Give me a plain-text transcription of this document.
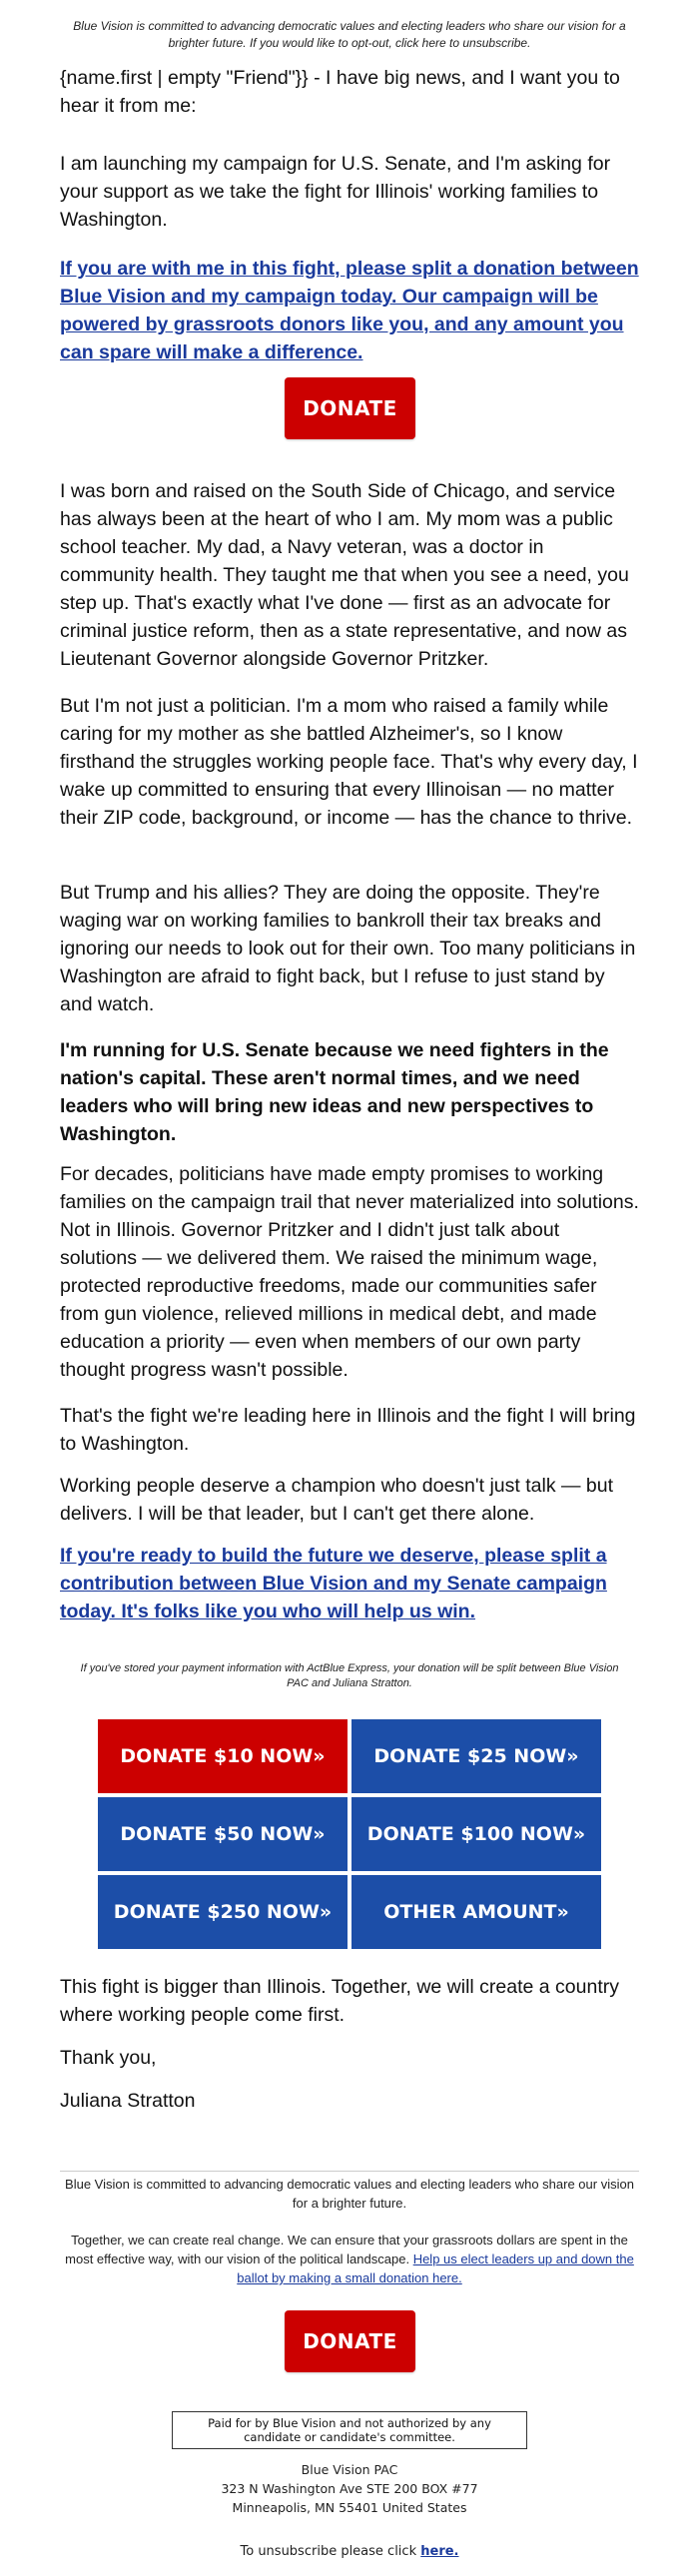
Blue Vision is committed to advancing democratic values and electing leaders who share our vision for a brighter future. If you would like to opt-out, click here to unsubscribe.

{name.first | empty "Friend"}} - I have big news, and I want you to hear it from me:

I am launching my campaign for U.S. Senate, and I'm asking for your support as we take the fight for Illinois' working families to Washington.

If you are with me in this fight, please split a donation between Blue Vision and my campaign today. Our campaign will be powered by grassroots donors like you, and any amount you can spare will make a difference.

DONATE

I was born and raised on the South Side of Chicago, and service has always been at the heart of who I am. My mom was a public school teacher. My dad, a Navy veteran, was a doctor in community health. They taught me that when you see a need, you step up. That's exactly what I've done — first as an advocate for criminal justice reform, then as a state representative, and now as Lieutenant Governor alongside Governor Pritzker.

But I'm not just a politician. I'm a mom who raised a family while caring for my mother as she battled Alzheimer's, so I know firsthand the struggles working people face. That's why every day, I wake up committed to ensuring that every Illinoisan — no matter their ZIP code, background, or income — has the chance to thrive.

But Trump and his allies? They are doing the opposite. They're waging war on working families to bankroll their tax breaks and ignoring our needs to look out for their own. Too many politicians in Washington are afraid to fight back, but I refuse to just stand by and watch.

I'm running for U.S. Senate because we need fighters in the nation's capital. These aren't normal times, and we need leaders who will bring new ideas and new perspectives to Washington.

For decades, politicians have made empty promises to working families on the campaign trail that never materialized into solutions. Not in Illinois. Governor Pritzker and I didn't just talk about solutions — we delivered them. We raised the minimum wage, protected reproductive freedoms, made our communities safer from gun violence, relieved millions in medical debt, and made education a priority — even when members of our own party thought progress wasn't possible.

That's the fight we're leading here in Illinois and the fight I will bring to Washington.

Working people deserve a champion who doesn't just talk — but delivers. I will be that leader, but I can't get there alone.

If you're ready to build the future we deserve, please split a contribution between Blue Vision and my Senate campaign today. It's folks like you who will help us win.

If you've stored your payment information with ActBlue Express, your donation will be split between Blue Vision PAC and Juliana Stratton.
DONATE $10 NOW»	DONATE $25 NOW»
DONATE $50 NOW»	DONATE $100 NOW»
DONATE $250 NOW»	OTHER AMOUNT»

This fight is bigger than Illinois. Together, we will create a country where working people come first.

Thank you,

Juliana Stratton

Blue Vision is committed to advancing democratic values and electing leaders who share our vision for a brighter future.
Together, we can create real change. We can ensure that your grassroots dollars are spent in the most effective way, with our vision of the political landscape. Help us elect leaders up and down the ballot by making a small donation here.
DONATE
Paid for by Blue Vision and not authorized by any candidate or candidate's committee.
Blue Vision PAC
323 N Washington Ave STE 200 BOX #77
Minneapolis, MN 55401 United States
To unsubscribe please click here.
